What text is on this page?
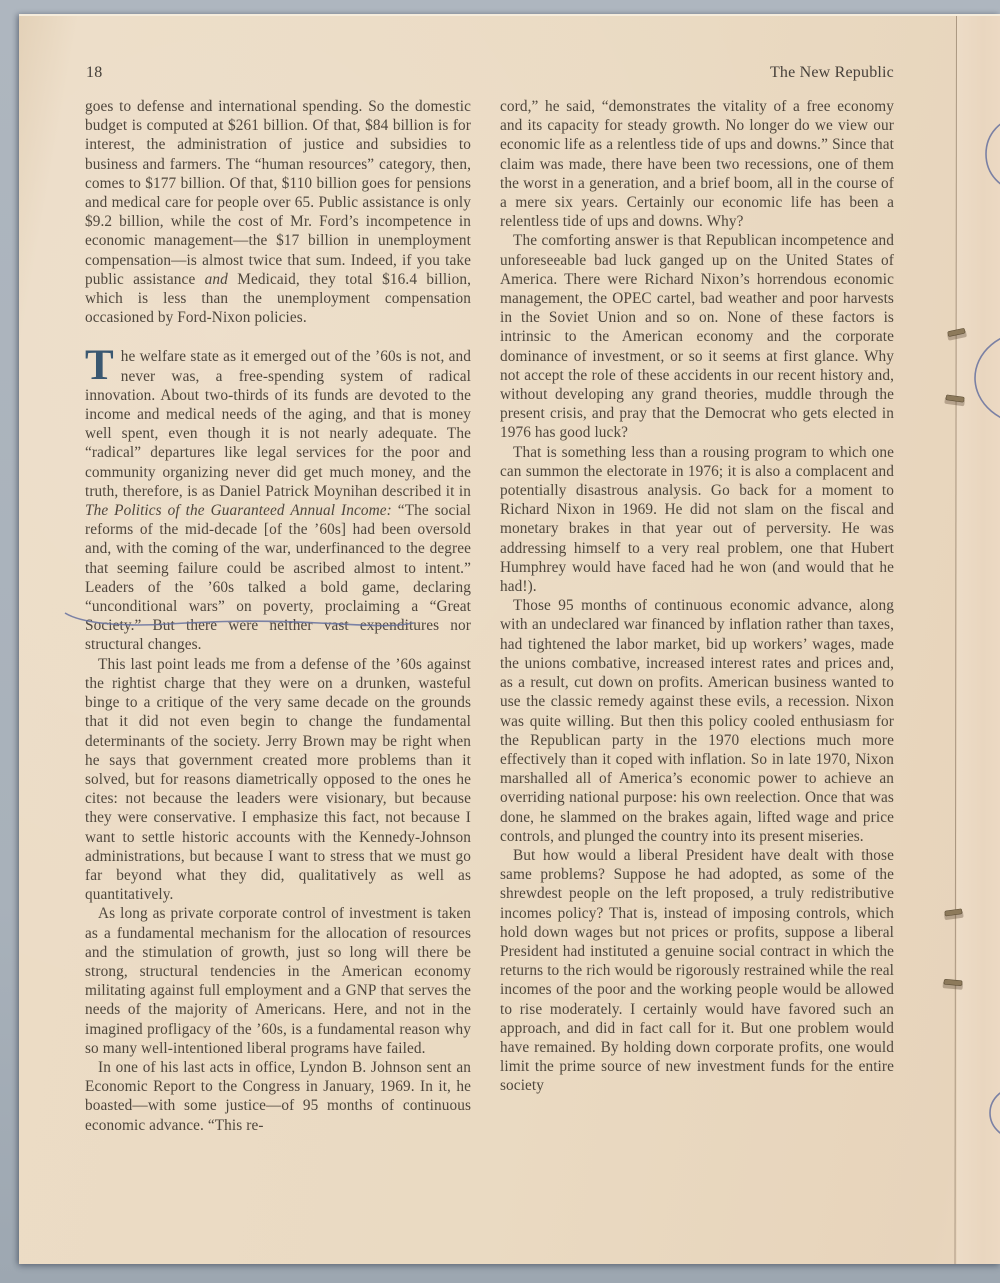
18	The New Republic

goes to defense and international spending. So the domestic budget is computed at $261 billion. Of that, $84 billion is for interest, the administration of justice and subsidies to business and farmers. The “human resources” category, then, comes to $177 billion. Of that, $110 billion goes for pensions and medical care for people over 65. Public assistance is only $9.2 billion, while the cost of Mr. Ford’s incompetence in economic management—the $17 billion in unemployment compensation—is almost twice that sum. Indeed, if you take public assistance and Medicaid, they total $16.4 billion, which is less than the unemployment compensation occasioned by Ford-Nixon policies.

The welfare state as it emerged out of the ’60s is not, and never was, a free-spending system of radical innovation. About two-thirds of its funds are devoted to the income and medical needs of the aging, and that is money well spent, even though it is not nearly adequate. The “radical” departures like legal services for the poor and community organizing never did get much money, and the truth, therefore, is as Daniel Patrick Moynihan described it in The Politics of the Guaranteed Annual Income: “The social reforms of the mid-decade [of the ’60s] had been oversold and, with the coming of the war, underfinanced to the degree that seeming failure could be ascribed almost to intent.” Leaders of the ’60s talked a bold game, declaring “unconditional wars” on poverty, proclaiming a “Great Society.” But there were neither vast expenditures nor structural changes.

This last point leads me from a defense of the ’60s against the rightist charge that they were on a drunken, wasteful binge to a critique of the very same decade on the grounds that it did not even begin to change the fundamental determinants of the society. Jerry Brown may be right when he says that government created more problems than it solved, but for reasons diametrically opposed to the ones he cites: not because the leaders were visionary, but because they were conservative. I emphasize this fact, not because I want to settle historic accounts with the Kennedy-Johnson administrations, but because I want to stress that we must go far beyond what they did, qualitatively as well as quantitatively.

As long as private corporate control of investment is taken as a fundamental mechanism for the allocation of resources and the stimulation of growth, just so long will there be strong, structural tendencies in the American economy militating against full employment and a GNP that serves the needs of the majority of Americans. Here, and not in the imagined profligacy of the ’60s, is a fundamental reason why so many well-intentioned liberal programs have failed.

In one of his last acts in office, Lyndon B. Johnson sent an Economic Report to the Congress in January, 1969. In it, he boasted—with some justice—of 95 months of continuous economic advance. “This re-

cord,” he said, “demonstrates the vitality of a free economy and its capacity for steady growth. No longer do we view our economic life as a relentless tide of ups and downs.” Since that claim was made, there have been two recessions, one of them the worst in a generation, and a brief boom, all in the course of a mere six years. Certainly our economic life has been a relentless tide of ups and downs. Why?

The comforting answer is that Republican incompetence and unforeseeable bad luck ganged up on the United States of America. There were Richard Nixon’s horrendous economic management, the OPEC cartel, bad weather and poor harvests in the Soviet Union and so on. None of these factors is intrinsic to the American economy and the corporate dominance of investment, or so it seems at first glance. Why not accept the role of these accidents in our recent history and, without developing any grand theories, muddle through the present crisis, and pray that the Democrat who gets elected in 1976 has good luck?

That is something less than a rousing program to which one can summon the electorate in 1976; it is also a complacent and potentially disastrous analysis. Go back for a moment to Richard Nixon in 1969. He did not slam on the fiscal and monetary brakes in that year out of perversity. He was addressing himself to a very real problem, one that Hubert Humphrey would have faced had he won (and would that he had!).

Those 95 months of continuous economic advance, along with an undeclared war financed by inflation rather than taxes, had tightened the labor market, bid up workers’ wages, made the unions combative, increased interest rates and prices and, as a result, cut down on profits. American business wanted to use the classic remedy against these evils, a recession. Nixon was quite willing. But then this policy cooled enthusiasm for the Republican party in the 1970 elections much more effectively than it coped with inflation. So in late 1970, Nixon marshalled all of America’s economic power to achieve an overriding national purpose: his own reelection. Once that was done, he slammed on the brakes again, lifted wage and price controls, and plunged the country into its present miseries.

But how would a liberal President have dealt with those same problems? Suppose he had adopted, as some of the shrewdest people on the left proposed, a truly redistributive incomes policy? That is, instead of imposing controls, which hold down wages but not prices or profits, suppose a liberal President had instituted a genuine social contract in which the returns to the rich would be rigorously restrained while the real incomes of the poor and the working people would be allowed to rise moderately. I certainly would have favored such an approach, and did in fact call for it. But one problem would have remained. By holding down corporate profits, one would limit the prime source of new investment funds for the entire society
